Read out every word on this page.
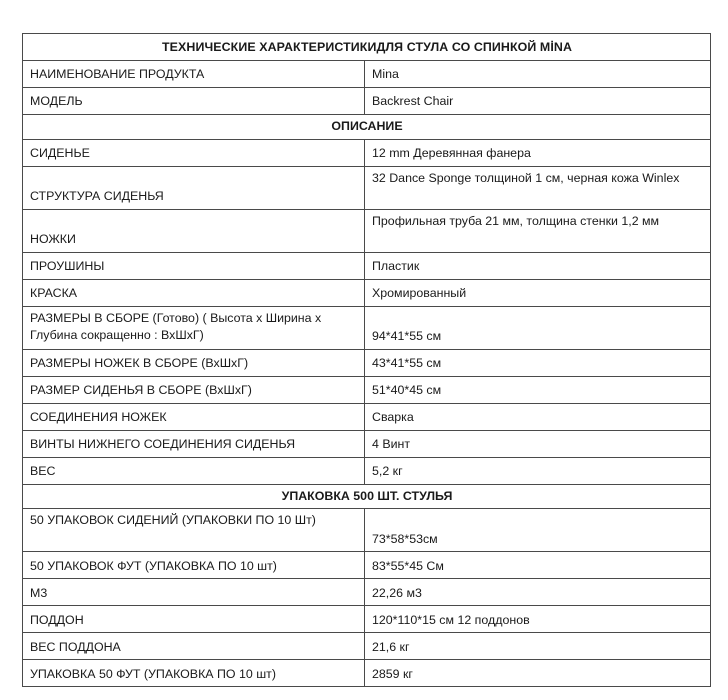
ТЕХНИЧЕСКИЕ ХАРАКТЕРИСТИКИДЛЯ СТУЛА СО СПИНКОЙ MİNA	
НАИМЕНОВАНИЕ ПРОДУКТА	Mina
МОДЕЛЬ	Backrest Chair
ОПИСАНИЕ	
СИДЕНЬЕ	12 mm Деревянная фанера
СТРУКТУРА СИДЕНЬЯ	32 Dance Sponge толщиной 1 см, черная кожа Winlex
НОЖКИ	Профильная труба 21 мм, толщина стенки 1,2 мм
ПРОУШИНЫ	Пластик
КРАСКА	Хромированный
РАЗМЕРЫ В СБОРЕ (Готово) ( Высота х Ширина х Глубина сокращенно : ВхШхГ)	94*41*55 см
РАЗМЕРЫ НОЖЕК В СБОРЕ (ВхШхГ)	43*41*55 см
РАЗМЕР СИДЕНЬЯ В СБОРЕ (ВхШхГ)	51*40*45 см
СОЕДИНЕНИЯ НОЖЕК	Сварка
ВИНТЫ НИЖНЕГО СОЕДИНЕНИЯ СИДЕНЬЯ	4 Винт
ВЕС	5,2 кг
УПАКОВКА 500 ШТ. СТУЛЬЯ	
50 УПАКОВОК СИДЕНИЙ (УПАКОВКИ ПО 10 Шт)	73*58*53см
50 УПАКОВОК ФУТ (УПАКОВКА ПО 10 шт)	83*55*45 См
М3	22,26 м3
ПОДДОН	120*110*15 см 12 поддонов
ВЕС ПОДДОНА	21,6 кг
УПАКОВКА 50 ФУТ (УПАКОВКА ПО 10 шт)	2859 кг
